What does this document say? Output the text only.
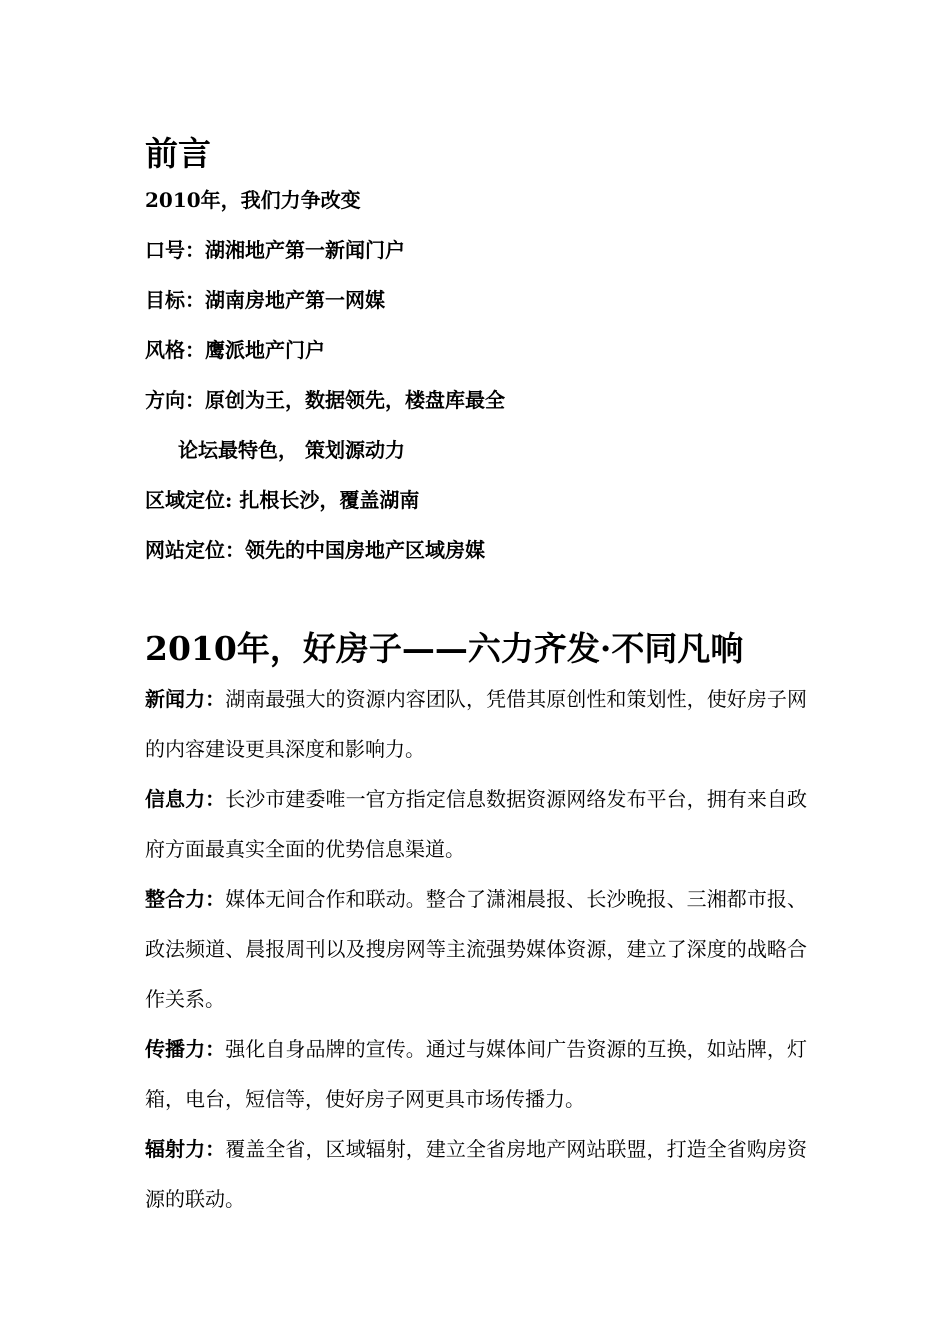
前言
2010年，我们力争改变
口号：湖湘地产第一新闻门户
目标：湖南房地产第一网媒
风格：鹰派地产门户
方向：原创为王，数据领先，楼盘库最全
论坛最特色， 策划源动力
区域定位: 扎根长沙，覆盖湖南
网站定位：领先的中国房地产区域房媒
2010年，好房子——六力齐发·不同凡响
新闻力：湖南最强大的资源内容团队，凭借其原创性和策划性，使好房子网的内容建设更具深度和影响力。
信息力：长沙市建委唯一官方指定信息数据资源网络发布平台，拥有来自政府方面最真实全面的优势信息渠道。
整合力：媒体无间合作和联动。整合了潇湘晨报、长沙晚报、三湘都市报、政法频道、晨报周刊以及搜房网等主流强势媒体资源，建立了深度的战略合作关系。
传播力：强化自身品牌的宣传。通过与媒体间广告资源的互换，如站牌，灯箱，电台，短信等，使好房子网更具市场传播力。
辐射力：覆盖全省，区域辐射，建立全省房地产网站联盟，打造全省购房资源的联动。
